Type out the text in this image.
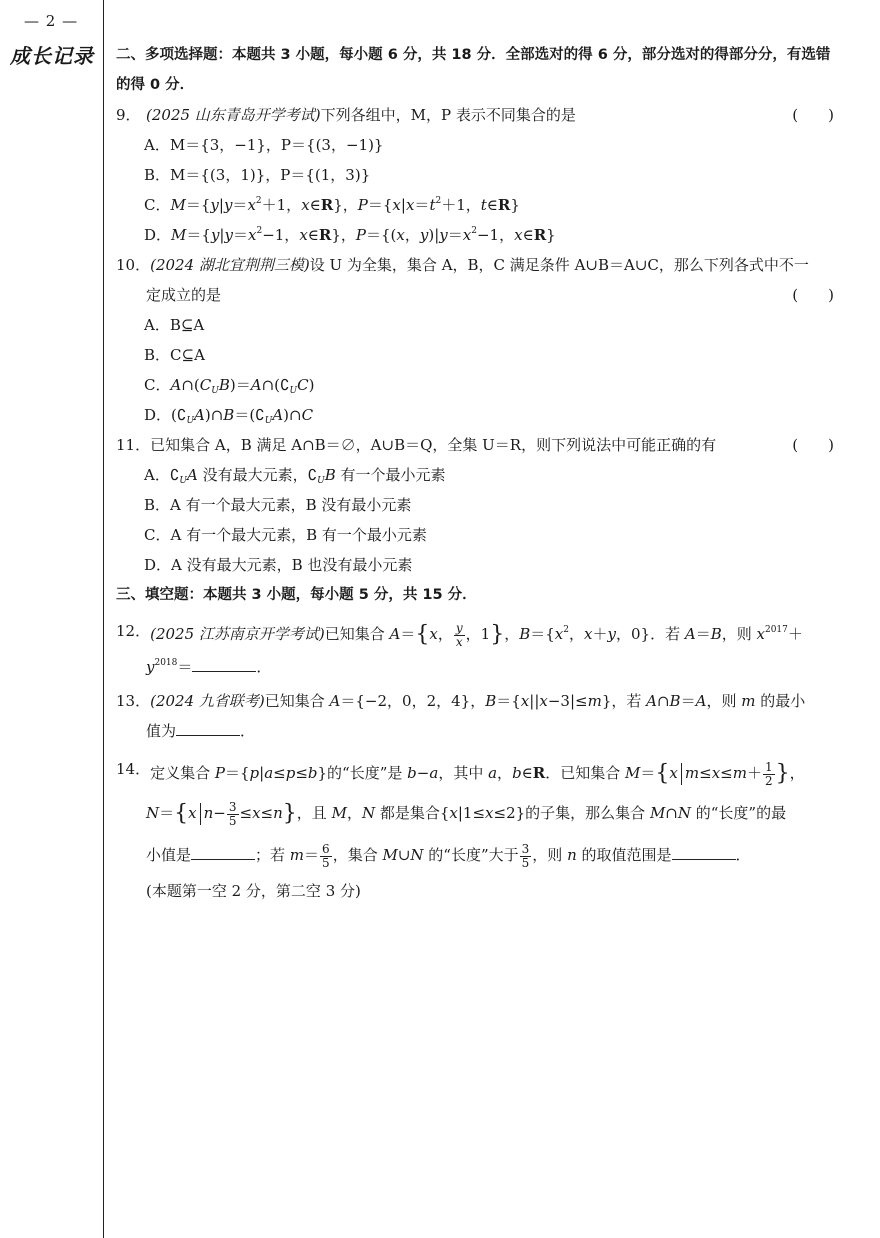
— 2 —
成长记录 二、多项选择题：本题共 3 小题，每小题 6 分，共 18 分．全部选对的得 6 分，部分选对的得部分分，有选错的得 0 分．
9． (2025 山东青岛开学考试)下列各组中，M，P 表示不同集合的是	(　　)
A．M＝{3，−1}，P＝{(3，−1)}
B．M＝{(3，1)}，P＝{(1，3)}
C．$M=\{y|y=x^2+1$，x∈R}，$P=\{x|x=t^2+1$，t∈R}
D．$M=\{y|y=x^2-1$，x∈R}，P＝{(x，$y)|y=x^2-1$，x∈R}
10． (2024 湖北宜荆荆三模)设 U 为全集，集合 A，B，C 满足条件 A∪B＝A∪C，那么下列各式中不一
定成立的是	(　　)
A．B⊆A
B．C⊆A
C．$A\cap(C_UB)=A\cap(∁_UC)$
D．$(∁_UA)\cap B=(∁_UA)\cap C$
11． 已知集合 A，B 满足 A∩B＝∅，A∪B＝Q，全集 U＝R，则下列说法中可能正确的有	(　　)
A．$∁_UA$ 没有最大元素，$∁_UB$ 有一个最小元素
B．A 有一个最大元素，B 没有最小元素
C．A 有一个最大元素，B 有一个最小元素
D．A 没有最大元素，B 也没有最小元素
三、填空题：本题共 3 小题，每小题 5 分，共 15 分．
12． (2025 江苏南京开学考试)已知集合 A＝{x， $\frac{y}{x}$ ，1}，$B=\{x^2$，x＋y，0}．若 A＝B，则 $x^{2017}+$
$y^{2018}=$	．
13． (2024 九省联考)已知集合 A＝{−2，0，2，4}，B＝{x||x−3|≤m}，若 A∩B＝A，则 m 的最小
值为	．
14． 定义集合 P＝{p|a≤p≤b}的“长度”是 b−a，其中 a，b∈R．已知集合 M＝{x $m\le x\le m+ \frac{1}{2}$ }，
N＝{x $n- \frac{3}{5} \le x\le n$}，且 M，N 都是集合{x|1≤x≤2}的子集，那么集合 M∩N 的“长度”的最
小值是	；若 $m= \frac{6}{5}$ ，集合 M∪N 的“长度”大于 $\frac{3}{5}$ ，则 n 的取值范围是	．
(本题第一空 2 分，第二空 3 分)
